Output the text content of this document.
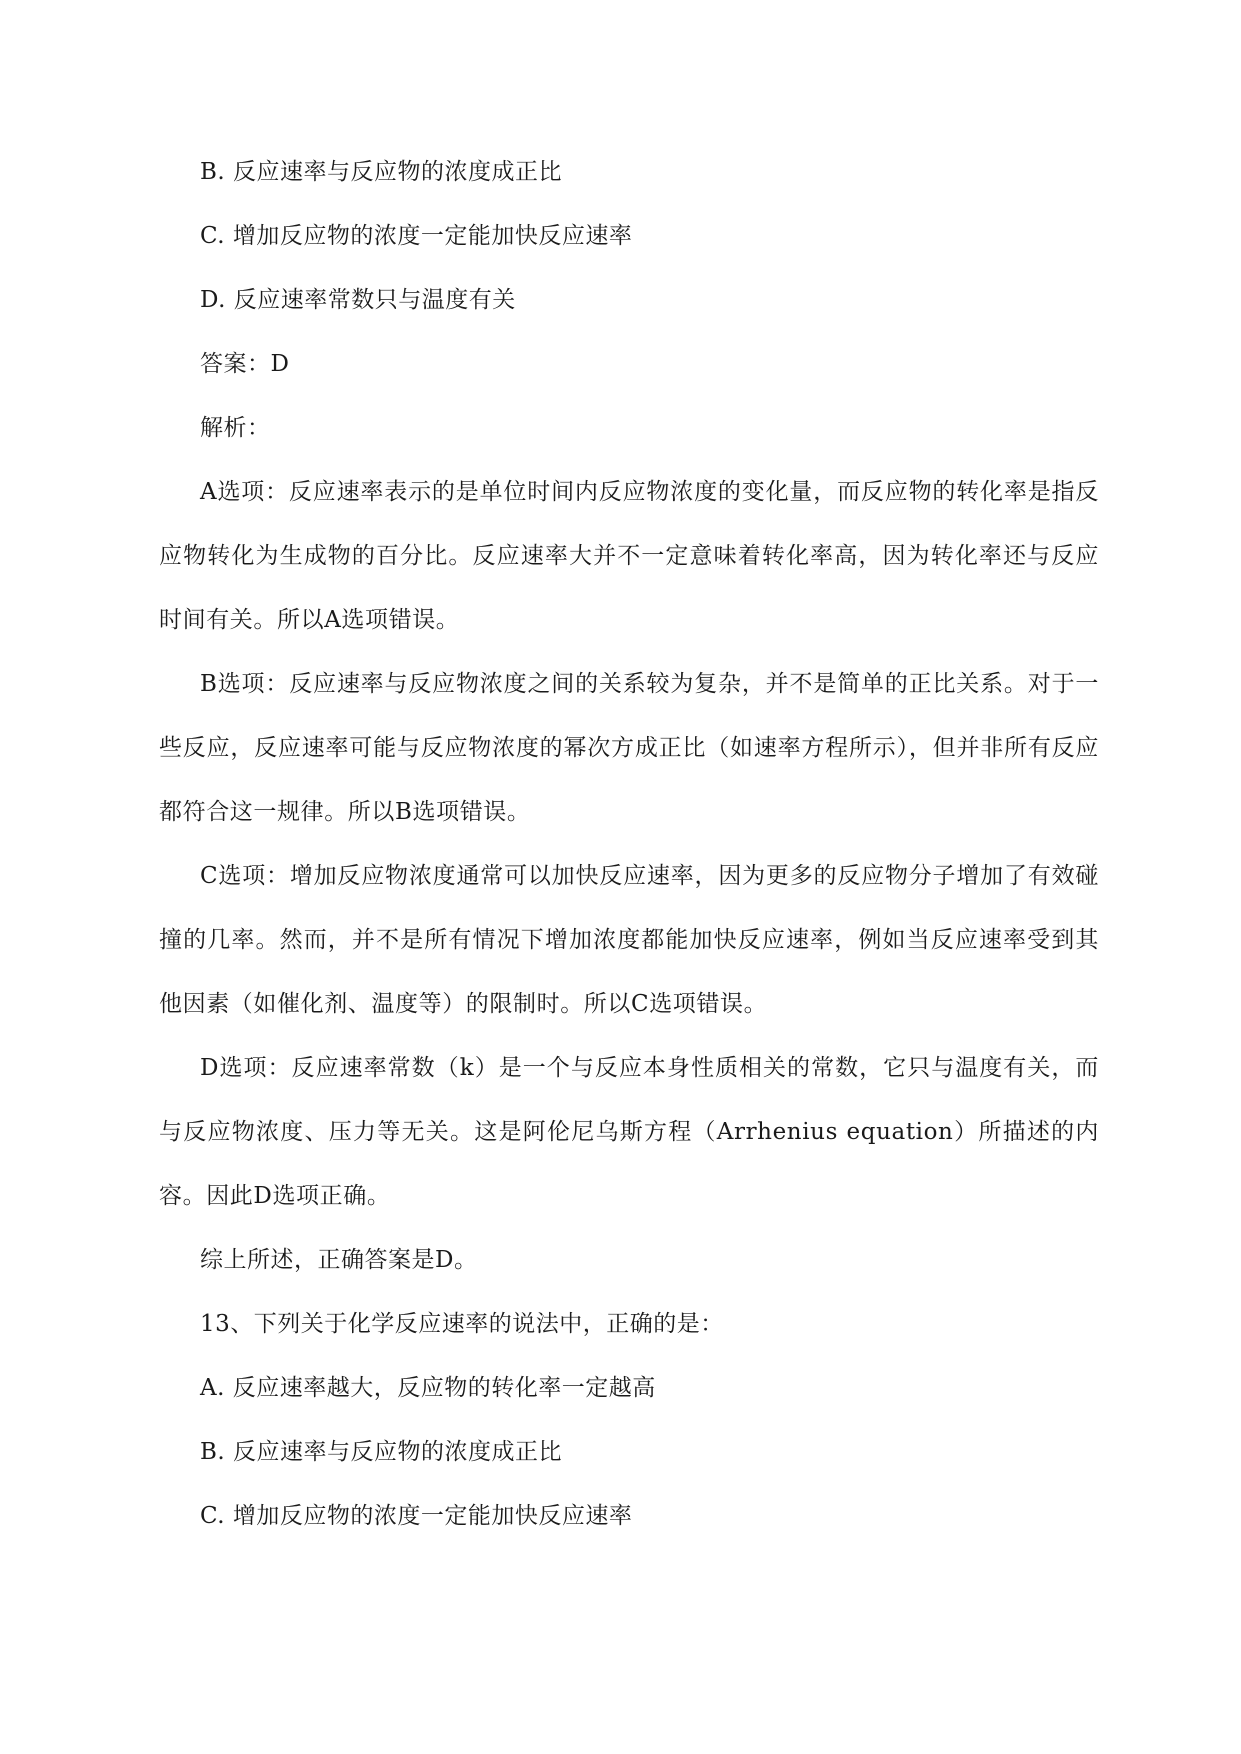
B. 反应速率与反应物的浓度成正比
C. 增加反应物的浓度一定能加快反应速率
D. 反应速率常数只与温度有关
答案：D
解析：
A选项：反应速率表示的是单位时间内反应物浓度的变化量，而反应物的转化率是指反应物转化为生成物的百分比。反应速率大并不一定意味着转化率高，因为转化率还与反应时间有关。所以A选项错误。
B选项：反应速率与反应物浓度之间的关系较为复杂，并不是简单的正比关系。对于一些反应，反应速率可能与反应物浓度的幂次方成正比（如速率方程所示），但并非所有反应都符合这一规律。所以B选项错误。
C选项：增加反应物浓度通常可以加快反应速率，因为更多的反应物分子增加了有效碰撞的几率。然而，并不是所有情况下增加浓度都能加快反应速率，例如当反应速率受到其他因素（如催化剂、温度等）的限制时。所以C选项错误。
D选项：反应速率常数（k）是一个与反应本身性质相关的常数，它只与温度有关，而与反应物浓度、压力等无关。这是阿伦尼乌斯方程（Arrhenius equation）所描述的内容。因此D选项正确。
综上所述，正确答案是D。
13、下列关于化学反应速率的说法中，正确的是：
A. 反应速率越大，反应物的转化率一定越高
B. 反应速率与反应物的浓度成正比
C. 增加反应物的浓度一定能加快反应速率
